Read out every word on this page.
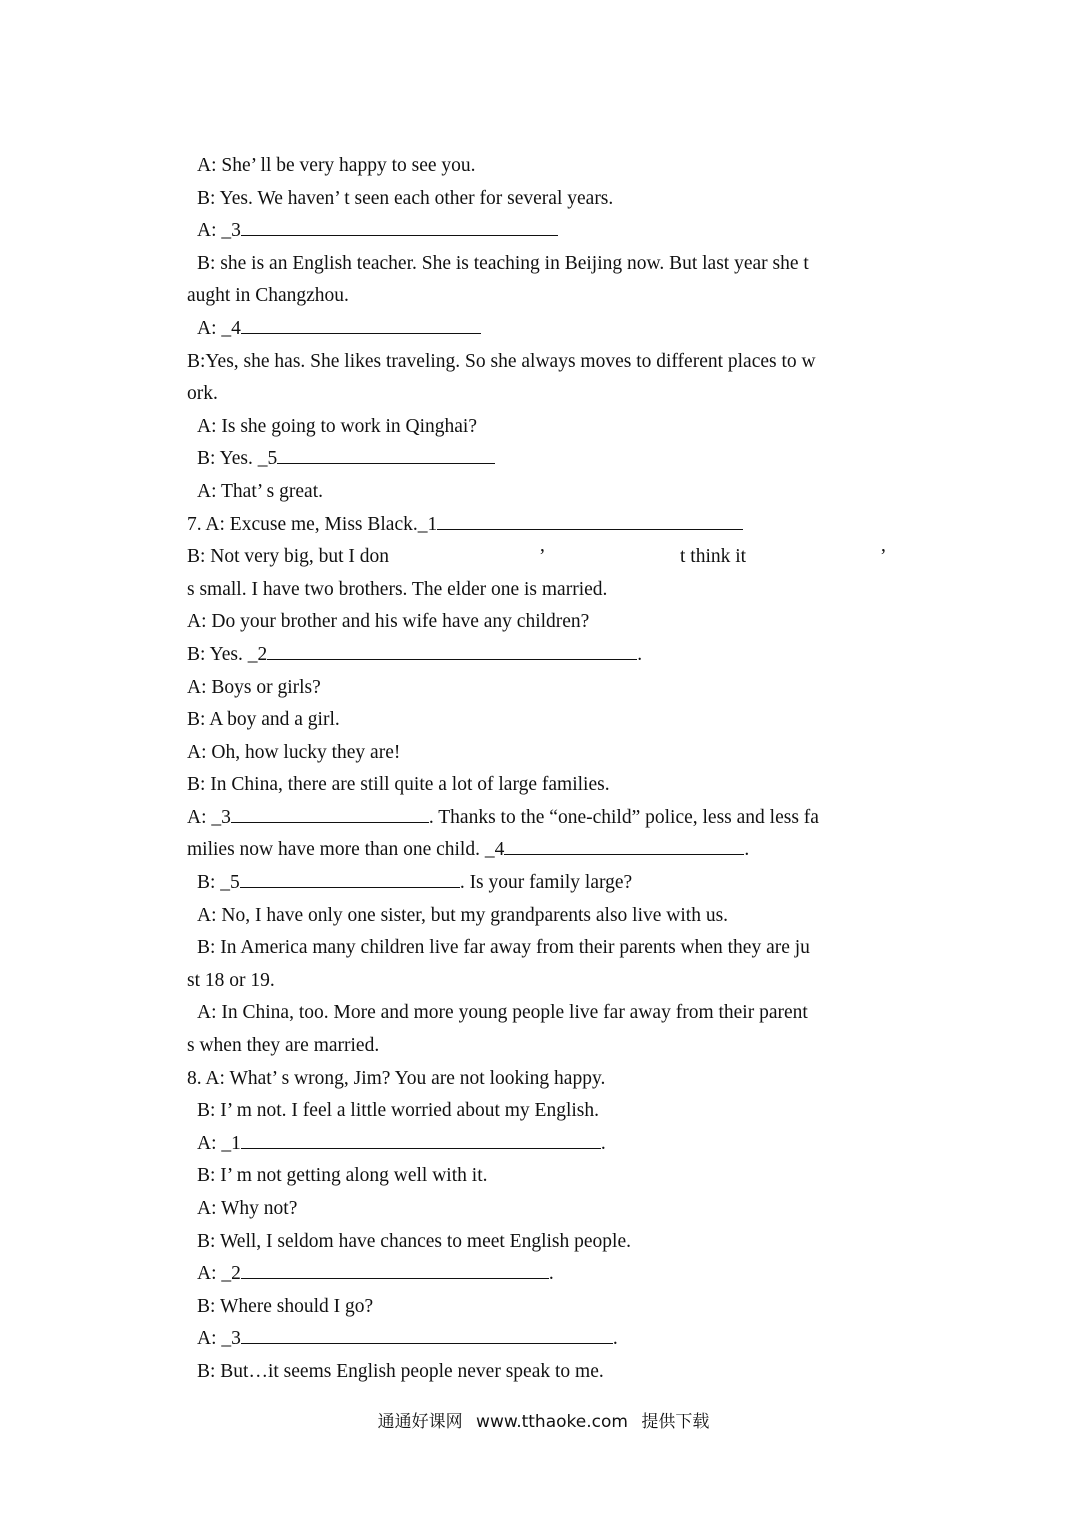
A: She’ ll be very happy to see you.
B: Yes. We haven’ t seen each other for several years.
A: _3
B: she is an English teacher. She is teaching in Beijing now. But last year she t
aught in Changzhou.
A: _4
B:Yes, she has. She likes traveling. So she always moves to different places to w
ork.
A: Is she going to work in Qinghai?
B: Yes. _5
A: That’ s great.
7. A: Excuse me, Miss Black._1
B: Not very big, but I don	’	t think it	’
s small. I have two brothers. The elder one is married.
A: Do your brother and his wife have any children?
B: Yes. _2	.
A: Boys or girls?
B: A boy and a girl.
A: Oh, how lucky they are!
B: In China, there are still quite a lot of large families.
A: _3	. Thanks to the “one-child” police, less and less fa
milies now have more than one child. _4	.
B: _5	. Is your family large?
A: No, I have only one sister, but my grandparents also live with us.
B: In America many children live far away from their parents when they are ju
st 18 or 19.
A: In China, too. More and more young people live far away from their parent
s when they are married.
8. A: What’ s wrong, Jim? You are not looking happy.
B: I’ m not. I feel a little worried about my English.
A: _1	.
B: I’ m not getting along well with it.
A: Why not?
B: Well, I seldom have chances to meet English people.
A: _2	.
B: Where should I go?
A: _3	.
B: But…it seems English people never speak to me.
通通好课网 www.tthaoke.com 提供下载
